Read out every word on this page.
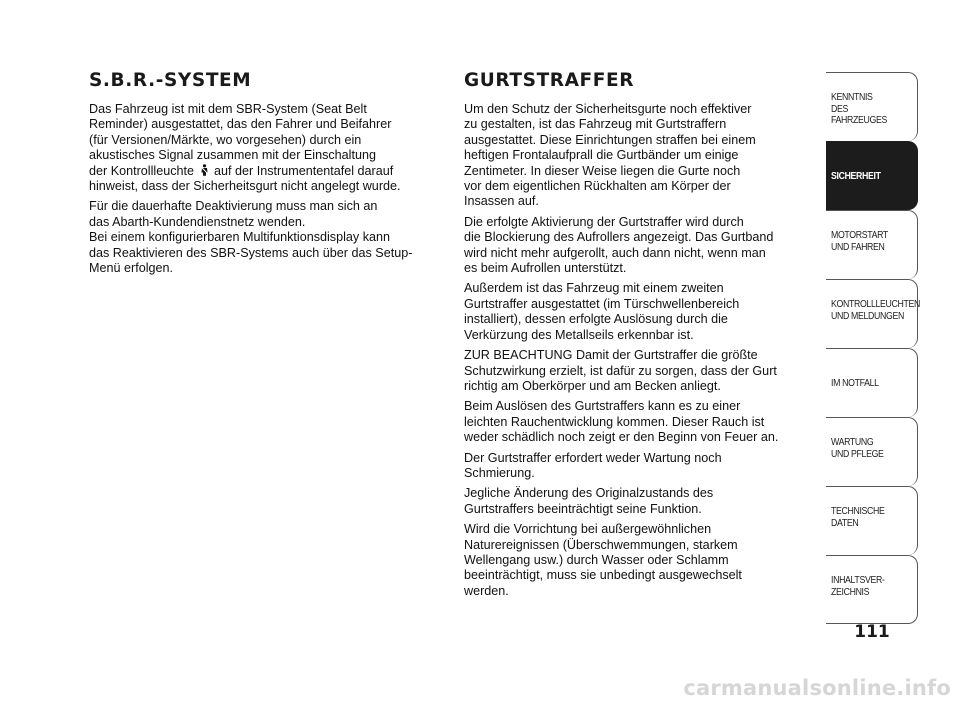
S.B.R.-SYSTEM

Das Fahrzeug ist mit dem SBR-System (Seat Belt
Reminder) ausgestattet, das den Fahrer und Beifahrer
(für Versionen/Märkte, wo vorgesehen) durch ein
akustisches Signal zusammen mit der Einschaltung
der Kontrollleuchte auf der Instrumententafel darauf
hinweist, dass der Sicherheitsgurt nicht angelegt wurde.

Für die dauerhafte Deaktivierung muss man sich an
das Abarth-Kundendienstnetz wenden.
Bei einem konfigurierbaren Multifunktionsdisplay kann
das Reaktivieren des SBR-Systems auch über das Setup-
Menü erfolgen.

GURTSTRAFFER

Um den Schutz der Sicherheitsgurte noch effektiver
zu gestalten, ist das Fahrzeug mit Gurtstraffern
ausgestattet. Diese Einrichtungen straffen bei einem
heftigen Frontalaufprall die Gurtbänder um einige
Zentimeter. In dieser Weise liegen die Gurte noch
vor dem eigentlichen Rückhalten am Körper der
Insassen auf.

Die erfolgte Aktivierung der Gurtstraffer wird durch
die Blockierung des Aufrollers angezeigt. Das Gurtband
wird nicht mehr aufgerollt, auch dann nicht, wenn man
es beim Aufrollen unterstützt.

Außerdem ist das Fahrzeug mit einem zweiten
Gurtstraffer ausgestattet (im Türschwellenbereich
installiert), dessen erfolgte Auslösung durch die
Verkürzung des Metallseils erkennbar ist.

ZUR BEACHTUNG Damit der Gurtstraffer die größte
Schutzwirkung erzielt, ist dafür zu sorgen, dass der Gurt
richtig am Oberkörper und am Becken anliegt.

Beim Auslösen des Gurtstraffers kann es zu einer
leichten Rauchentwicklung kommen. Dieser Rauch ist
weder schädlich noch zeigt er den Beginn von Feuer an.

Der Gurtstraffer erfordert weder Wartung noch
Schmierung.

Jegliche Änderung des Originalzustands des
Gurtstraffers beeinträchtigt seine Funktion.

Wird die Vorrichtung bei außergewöhnlichen
Naturereignissen (Überschwemmungen, starkem
Wellengang usw.) durch Wasser oder Schlamm
beeinträchtigt, muss sie unbedingt ausgewechselt
werden.

KENNTNIS
DES FAHRZEUGES
SICHERHEIT
MOTORSTART
UND FAHREN
KONTROLLLEUCHTEN
UND MELDUNGEN
IM NOTFALL
WARTUNG
UND PFLEGE
TECHNISCHE
DATEN
INHALTSVER-
ZEICHNIS
111
carmanualsonline.info
